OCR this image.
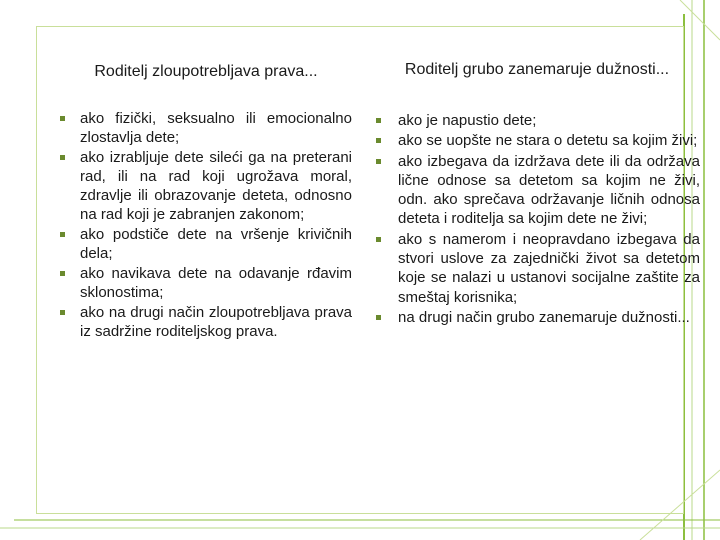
Roditelj zloupotrebljava prava...
ako fizički, seksualno ili emocionalno zlostavlja dete;
ako izrabljuje dete sileći ga na preterani rad, ili na rad koji ugrožava moral, zdravlje ili obrazovanje deteta, odnosno na rad koji je zabranjen zakonom;
ako podstiče dete na vršenje krivičnih dela;
ako navikava dete na odavanje rđavim sklonostima;
ako na drugi način zloupotrebljava prava iz sadržine roditeljskog prava.
Roditelj grubo zanemaruje dužnosti...
ako je napustio dete;
ako se uopšte ne stara o detetu sa kojim živi;
ako izbegava da izdržava dete ili da održava lične odnose sa detetom sa kojim ne živi, odn. ako sprečava održavanje ličnih odnosa deteta i roditelja sa kojim dete ne živi;
ako s namerom i neopravdano izbegava da stvori uslove za zajednički život sa detetom koje se nalazi u ustanovi socijalne zaštite za smeštaj korisnika;
na drugi način grubo zanemaruje dužnosti...
